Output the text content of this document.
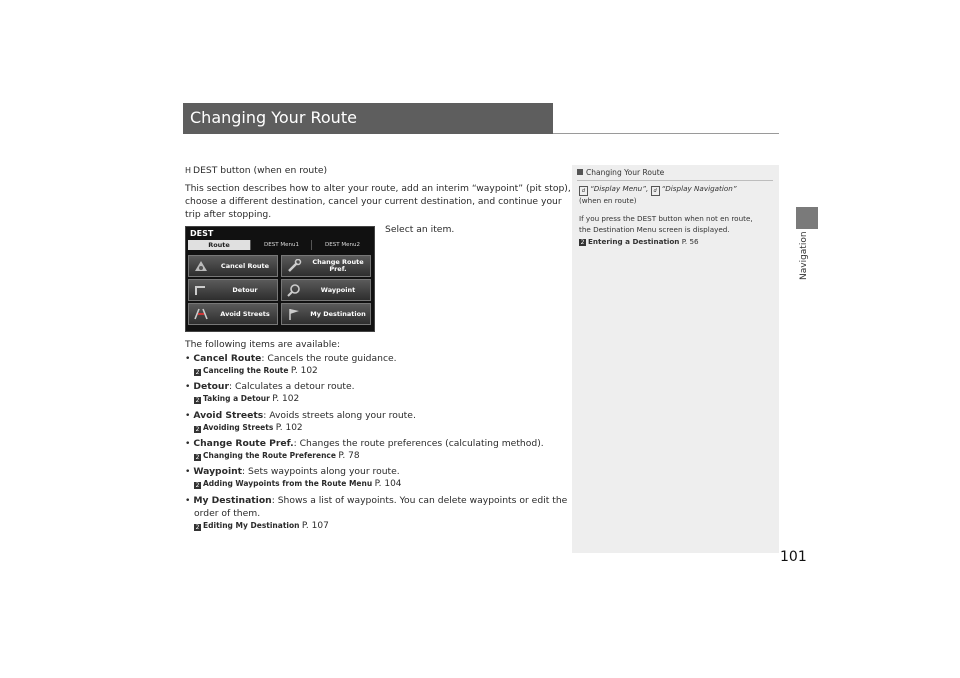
Changing Your Route
Navigation
101
H DEST button (when en route)
This section describes how to alter your route, add an interim “waypoint” (pit stop),
choose a different destination, cancel your current destination, and continue your
trip after stopping.
Select an item.
DEST
Route	DEST Menu1	DEST Menu2
Cancel Route	Change Route Pref.
Detour	Waypoint
Avoid Streets	My Destination
The following items are available:
• Cancel Route: Cancels the route guidance.
2 Canceling the Route P. 102
• Detour: Calculates a detour route.
2 Taking a Detour P. 102
• Avoid Streets: Avoids streets along your route.
2 Avoiding Streets P. 102
• Change Route Pref.: Changes the route preferences (calculating method).
2 Changing the Route Preference P. 78
• Waypoint: Sets waypoints along your route.
2 Adding Waypoints from the Route Menu P. 104
• My Destination: Shows a list of waypoints. You can delete waypoints or edit the
order of them.
2 Editing My Destination P. 107
Changing Your Route
d “Display Menu”, d “Display Navigation”
(when en route)
If you press the DEST button when not en route,
the Destination Menu screen is displayed.
2 Entering a Destination P. 56
